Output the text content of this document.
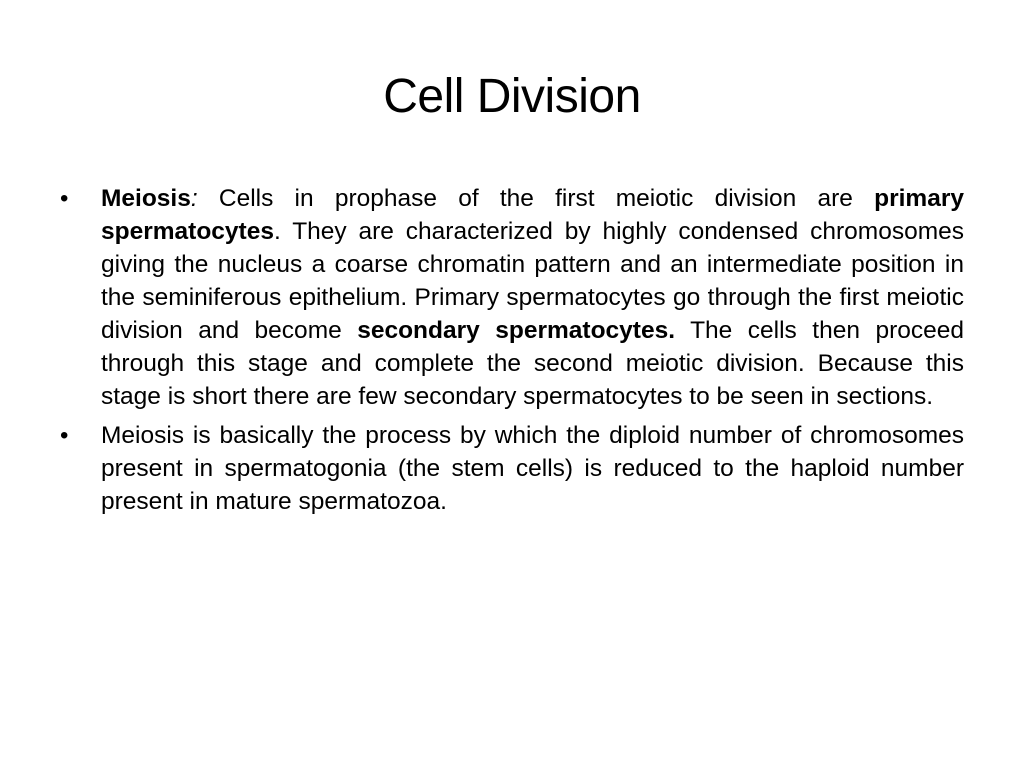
Cell Division
• Meiosis: Cells in prophase of the first meiotic division are primary spermatocytes. They are characterized by highly condensed chromosomes giving the nucleus a coarse chromatin pattern and an intermediate position in the seminiferous epithelium. Primary spermatocytes go through the first meiotic division and become secondary spermatocytes. The cells then proceed through this stage and complete the second meiotic division. Because this stage is short there are few secondary spermatocytes to be seen in sections.
• Meiosis is basically the process by which the diploid number of chromosomes present in spermatogonia (the stem cells) is reduced to the haploid number present in mature spermatozoa.
